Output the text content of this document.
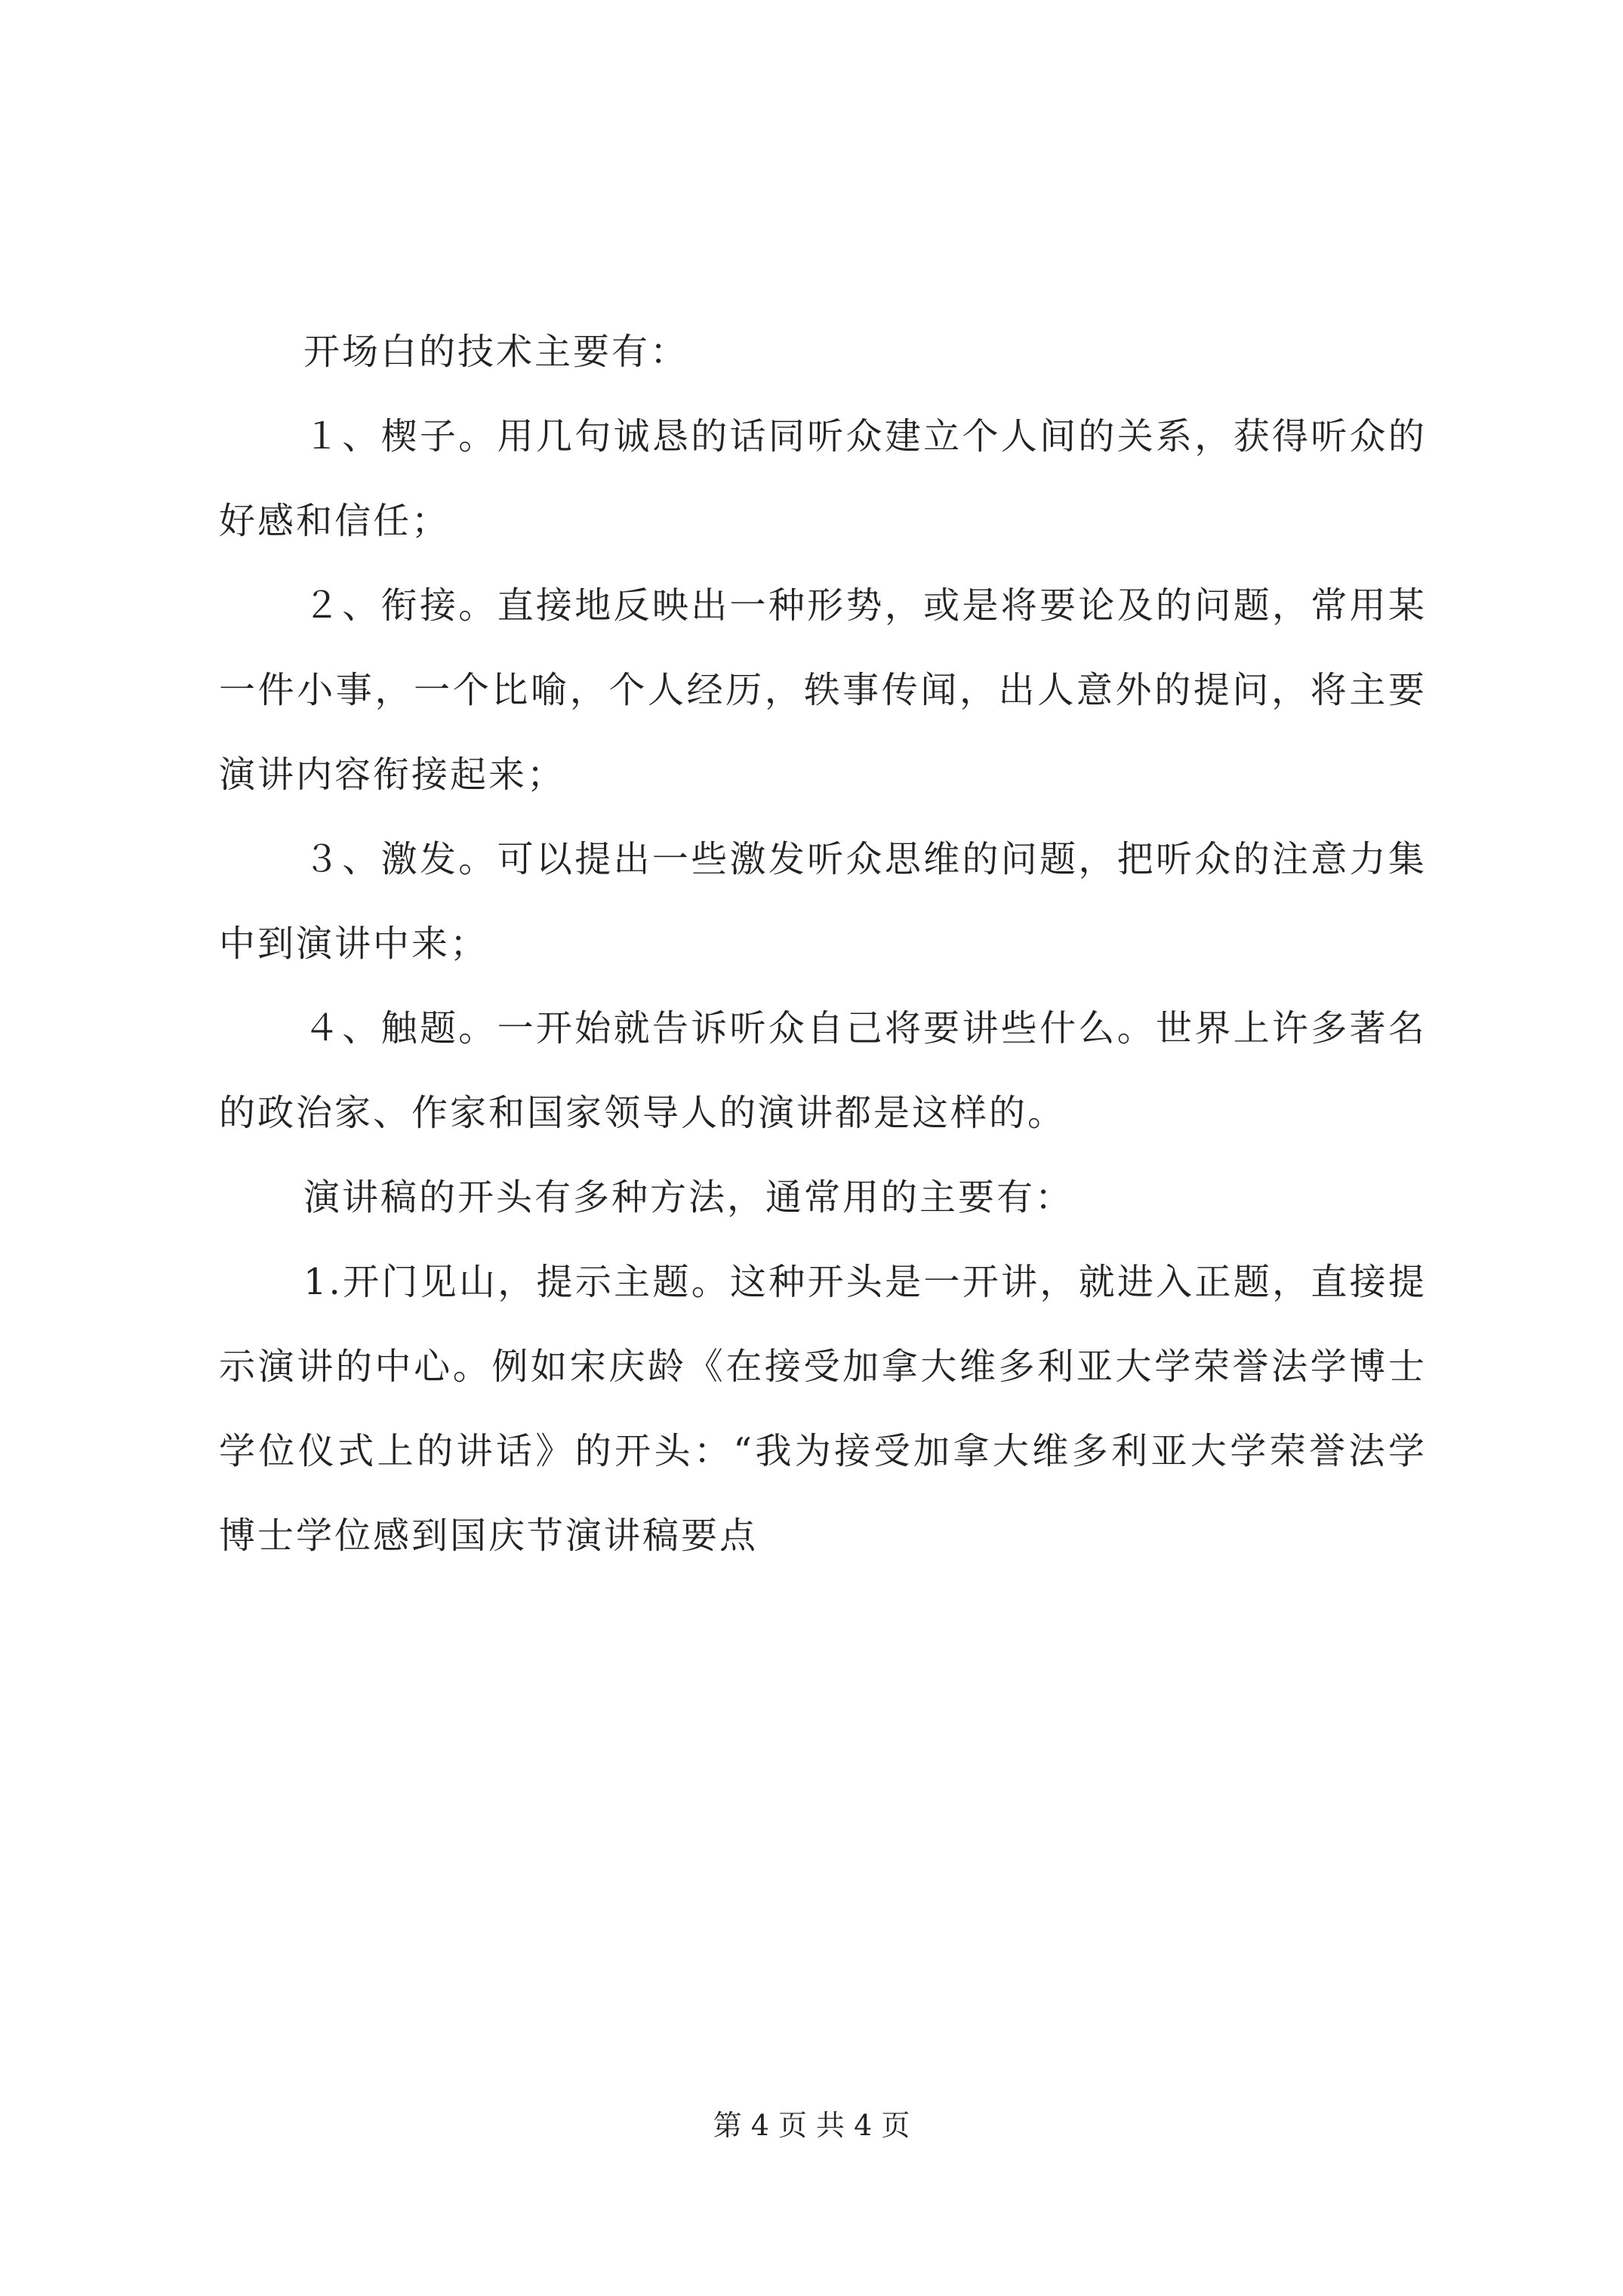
开场白的技术主要有：

１、楔子。用几句诚恳的话同听众建立个人间的关系，获得听众的好感和信任；

２、衔接。直接地反映出一种形势，或是将要论及的问题，常用某一件小事，一个比喻，个人经历，轶事传闻，出人意外的提问，将主要演讲内容衔接起来；

３、激发。可以提出一些激发听众思维的问题，把听众的注意力集中到演讲中来；

４、触题。一开始就告诉听众自己将要讲些什么。世界上许多著名的政治家、作家和国家领导人的演讲都是这样的。

演讲稿的开头有多种方法，通常用的主要有：

1.开门见山，提示主题。这种开头是一开讲，就进入正题，直接提示演讲的中心。例如宋庆龄《在接受加拿大维多利亚大学荣誉法学博士学位仪式上的讲话》的开头：“我为接受加拿大维多利亚大学荣誉法学博士学位感到国庆节演讲稿要点

第 4 页 共 4 页
